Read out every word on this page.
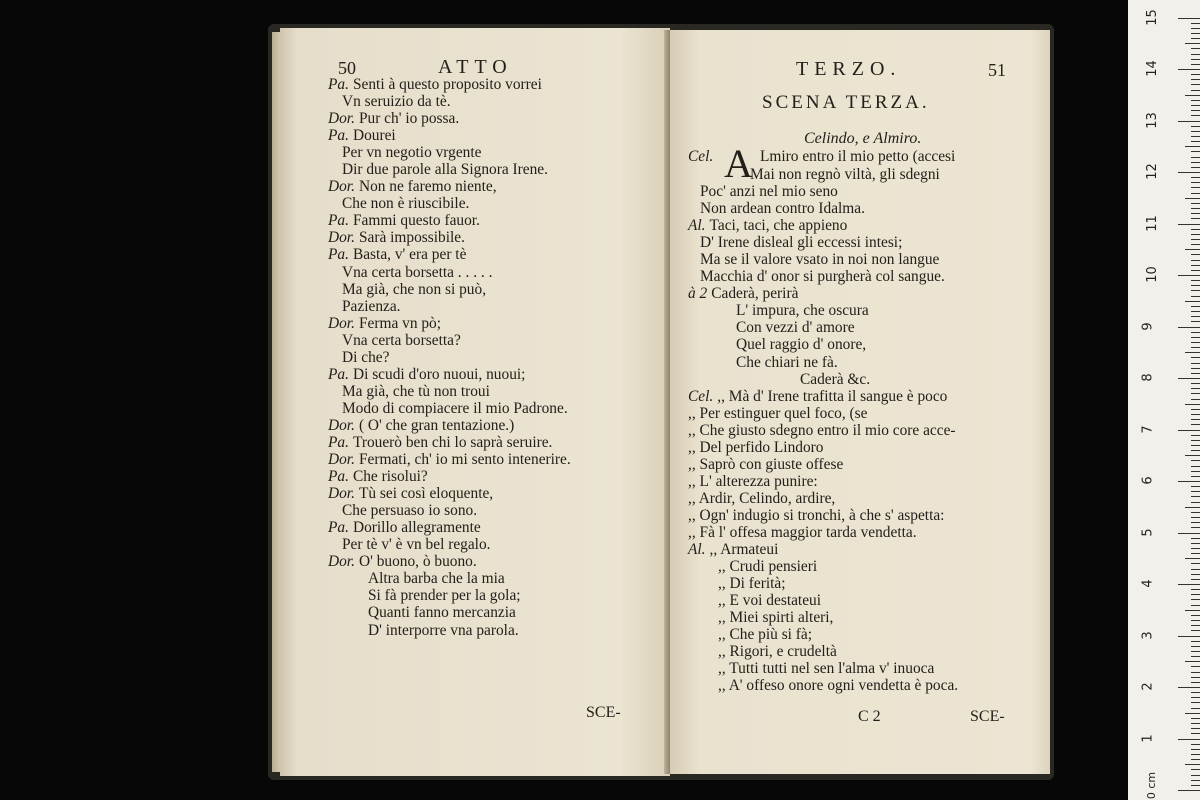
50	ATTO
Pa. Senti à questo proposito vorrei
Vn seruizio da tè.
Dor. Pur ch' io possa.
Pa. Dourei
Per vn negotio vrgente
Dir due parole alla Signora Irene.
Dor. Non ne faremo niente,
Che non è riuscibile.
Pa. Fammi questo fauor.
Dor. Sarà impossibile.
Pa. Basta, v' era per tè
Vna certa borsetta . . . . .
Ma già, che non si può,
Pazienza.
Dor. Ferma vn pò;
Vna certa borsetta?
Di che?
Pa. Di scudi d'oro nuoui, nuoui;
Ma già, che tù non troui
Modo di compiacere il mio Padrone.
Dor. ( O' che gran tentazione.)
Pa. Trouerò ben chi lo saprà seruire.
Dor. Fermati, ch' io mi sento intenerire.
Pa. Che risolui?
Dor. Tù sei così eloquente,
Che persuaso io sono.
Pa. Dorillo allegramente
Per tè v' è vn bel regalo.
Dor. O' buono, ò buono.
Altra barba che la mia
Si fà prender per la gola;
Quanti fanno mercanzia
D' interporre vna parola.
SCE-
TERZO.	51
SCENA TERZA.
Celindo, e Almiro.
Cel. A Lmiro entro il mio petto (accesi
Mai non regnò viltà, gli sdegni
Poc' anzi nel mio seno
Non ardean contro Idalma.
Al. Taci, taci, che appieno
D' Irene disleal gli eccessi intesi;
Ma se il valore vsato in noi non langue
Macchia d' onor si purgherà col sangue.
à 2 Caderà, perirà
L' impura, che oscura
Con vezzi d' amore
Quel raggio d' onore,
Che chiari ne fà.
Caderà &c.
Cel. ,, Mà d' Irene trafitta il sangue è poco
,, Per estinguer quel foco, (se
,, Che giusto sdegno entro il mio core acce-
,, Del perfido Lindoro
,, Saprò con giuste offese
,, L' alterezza punire:
,, Ardir, Celindo, ardire,
,, Ogn' indugio si tronchi, à che s' aspetta:
,, Fà l' offesa maggior tarda vendetta.
Al. ,, Armateui
,, Crudi pensieri
,, Di ferità;
,, E voi destateui
,, Miei spirti alteri,
,, Che più si fà;
,, Rigori, e crudeltà
,, Tutti tutti nel sen l'alma v' inuoca
,, A' offeso onore ogni vendetta è poca.
C 2	SCE-
0 cm
15
14
13
12
11
10
9
8
7
6
5
4
3
2
1
